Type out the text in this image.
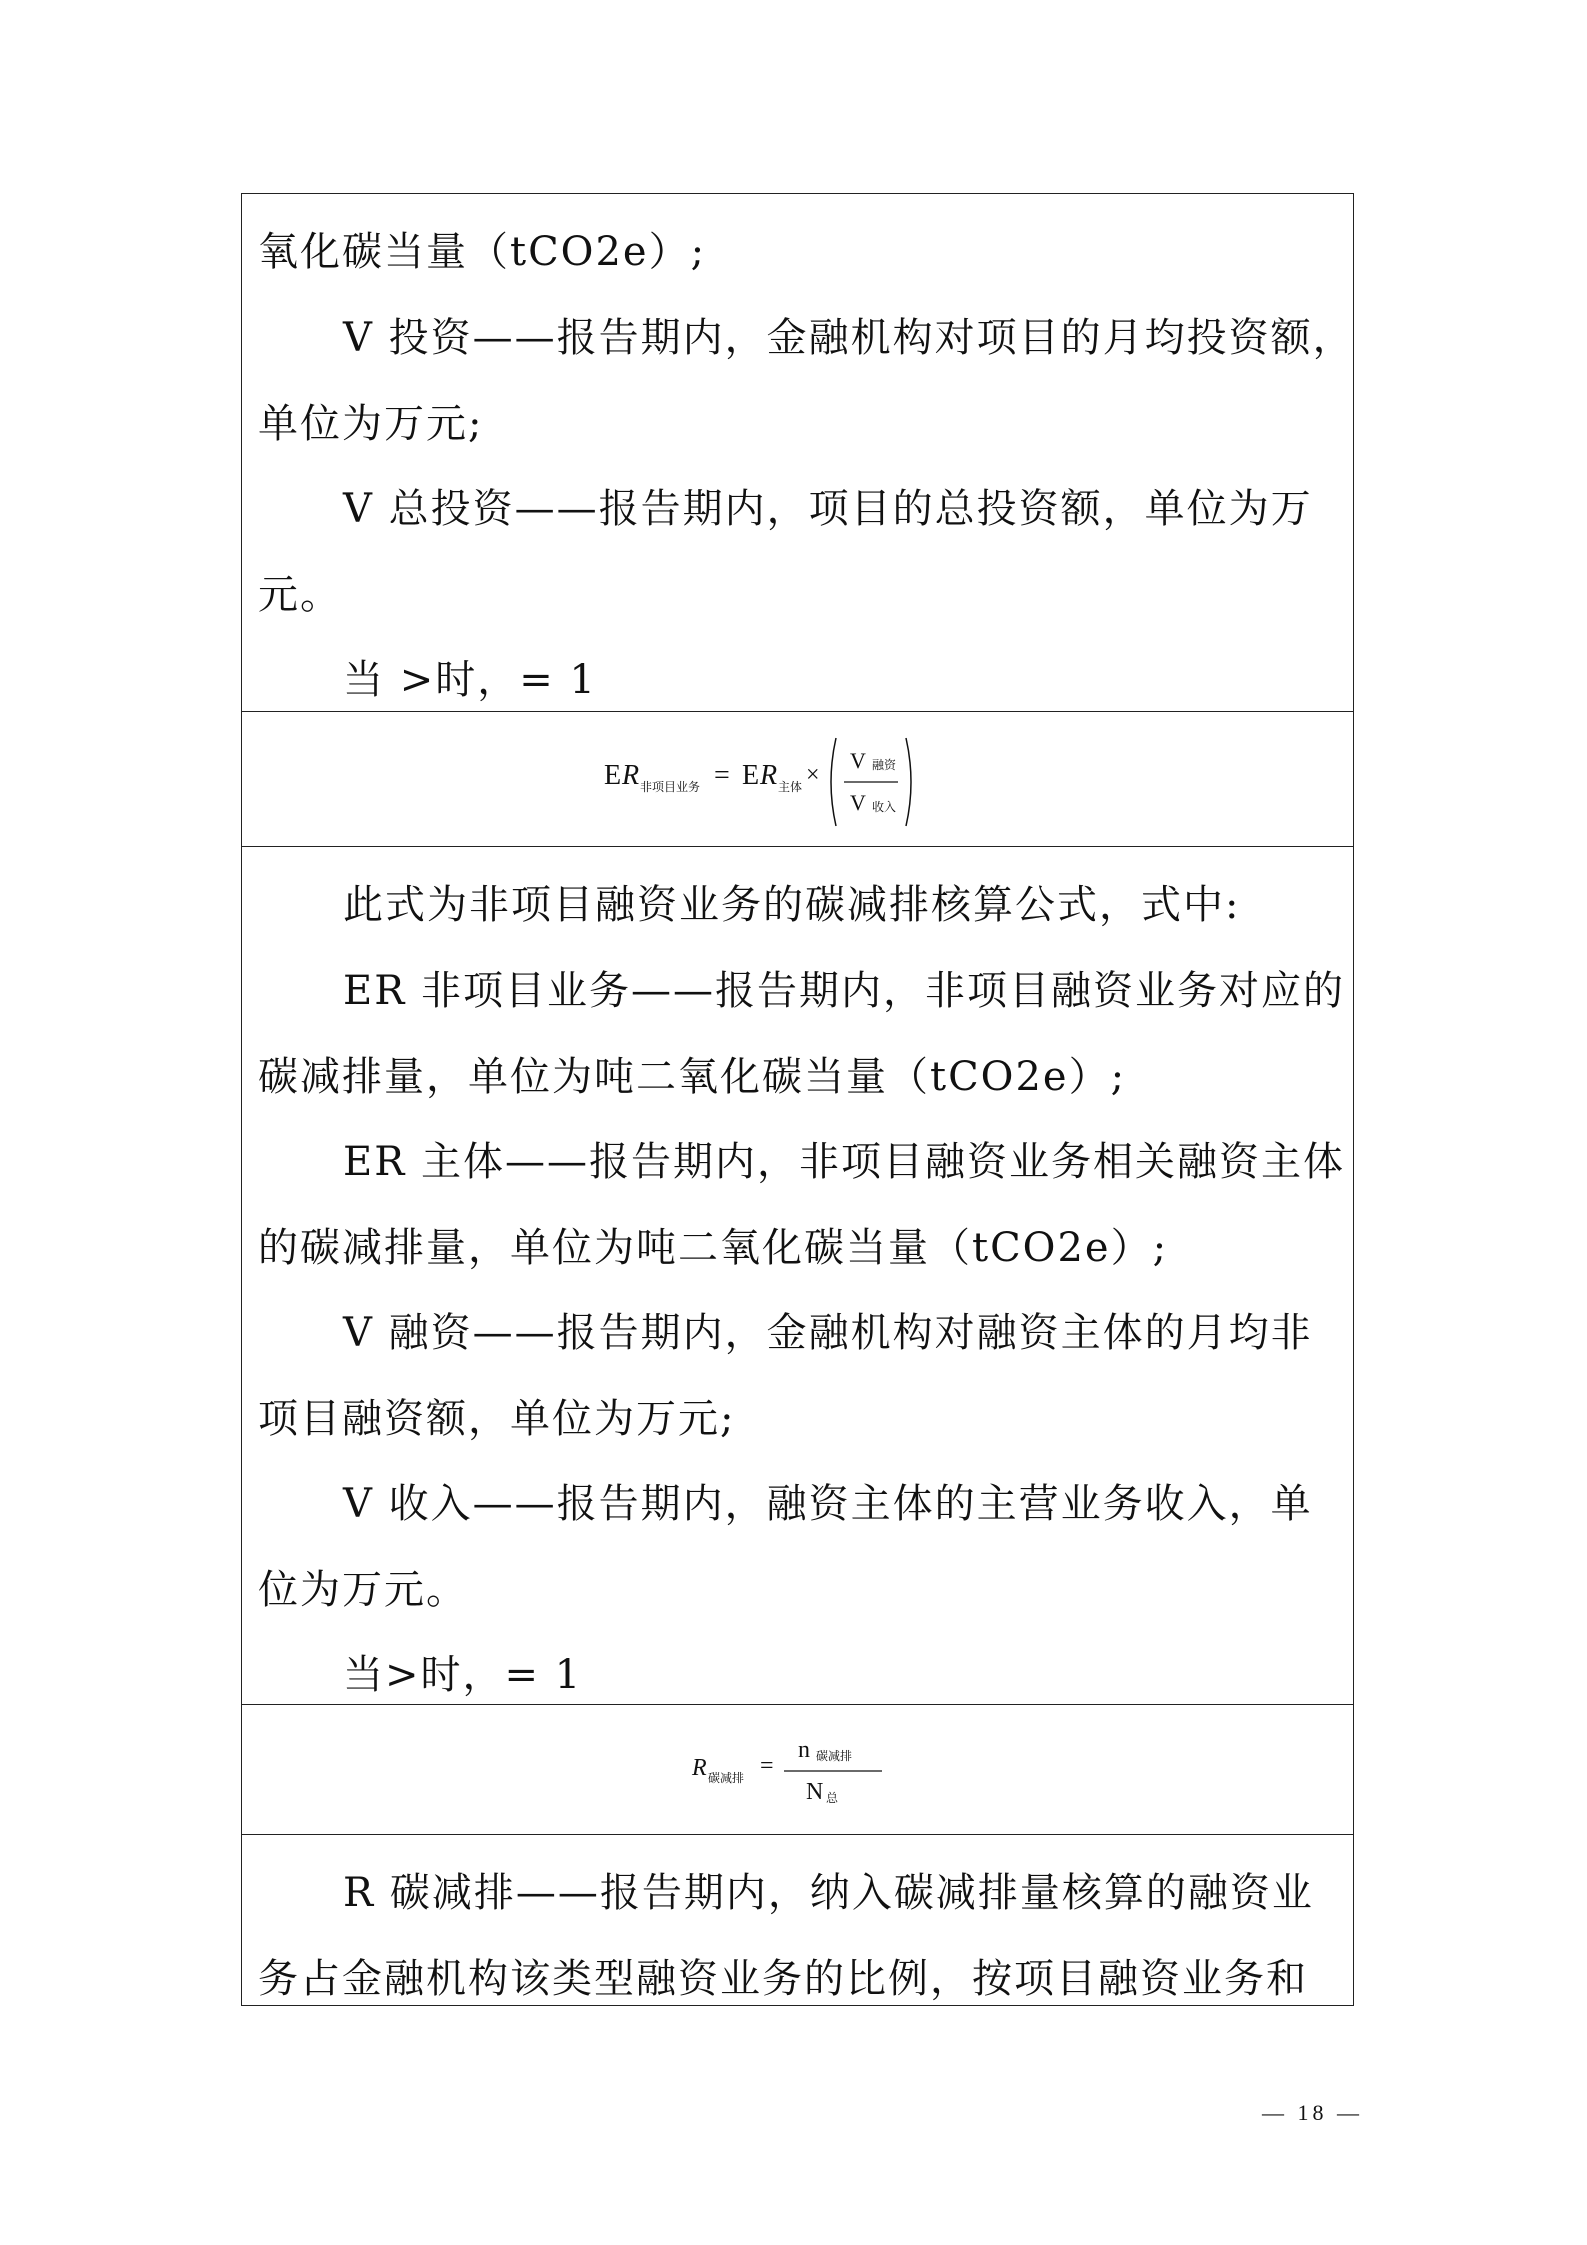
氧化碳当量（tCO2e）;
V 投资——报告期内，金融机构对项目的月均投资额，
单位为万元;
V 总投资——报告期内，项目的总投资额，单位为万
元。
当 >时，= 1
E R 非项目业务 = E R 主体 ×
V 融资
V 收入
此式为非项目融资业务的碳减排核算公式，式中:
ER 非项目业务——报告期内，非项目融资业务对应的
碳减排量，单位为吨二氧化碳当量（tCO2e）;
ER 主体——报告期内，非项目融资业务相关融资主体
的碳减排量，单位为吨二氧化碳当量（tCO2e）;
V 融资——报告期内，金融机构对融资主体的月均非
项目融资额，单位为万元;
V 收入——报告期内，融资主体的主营业务收入，单
位为万元。
当>时，= 1
R 碳减排 =
n 碳减排
N 总
R 碳减排——报告期内，纳入碳减排量核算的融资业
务占金融机构该类型融资业务的比例，按项目融资业务和
— 18 —
